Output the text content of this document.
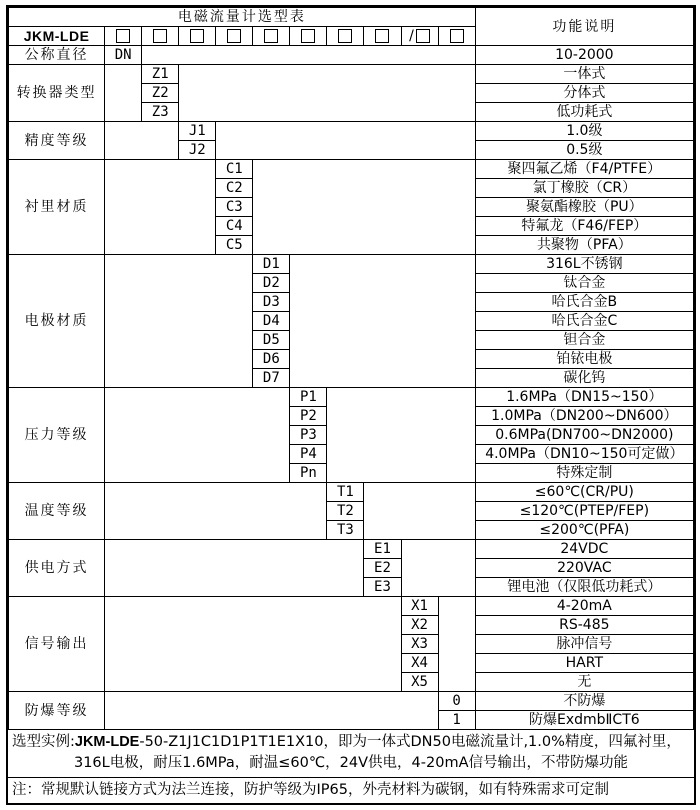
电磁流量计选型表											功能说明
JKM-LDE									/		
公称直径	DN										10-2000
转换器类型		Z1									一体式
		Z2									分体式
		Z3									低功耗式
精度等级			J1								1.0级
			J2								0.5级
衬里材质				C1							聚四氟乙烯（F4/PTFE）
				C2							氯丁橡胶（CR）
				C3							聚氨酯橡胶（PU）
				C4							特氟龙（F46/FEP）
				C5							共聚物（PFA）
电极材质					D1						316L不锈钢
					D2						钛合金
					D3						哈氏合金B
					D4						哈氏合金C
					D5						钽合金
					D6						铂铱电极
					D7						碳化钨
压力等级						P1					1.6MPa（DN15~150）
						P2					1.0MPa（DN200~DN600）
						P3					0.6MPa(DN700~DN2000)
						P4					4.0MPa（DN10~150可定做）
						Pn					特殊定制
温度等级							T1				≤60℃(CR/PU)
							T2				≤120℃(PTEP/FEP)
							T3				≤200℃(PFA)
供电方式								E1			24VDC
								E2			220VAC
								E3			锂电池（仅限低功耗式）
信号输出									X1		4-20mA
									X2		RS-485
									X3		脉冲信号
									X4		HART
									X5		无
防爆等级										0	不防爆
										1	防爆ExdmbⅡCT6
选型实例:JKM-LDE-50-Z1J1C1D1P1T1E1X10，即为一体式DN50电磁流量计,1.0%精度，四氟衬里，
316L电极，耐压1.6MPa，耐温≤60℃，24V供电，4-20mA信号输出，不带防爆功能
注：常规默认链接方式为法兰连接，防护等级为IP65，外壳材料为碳钢，如有特殊需求可定制
